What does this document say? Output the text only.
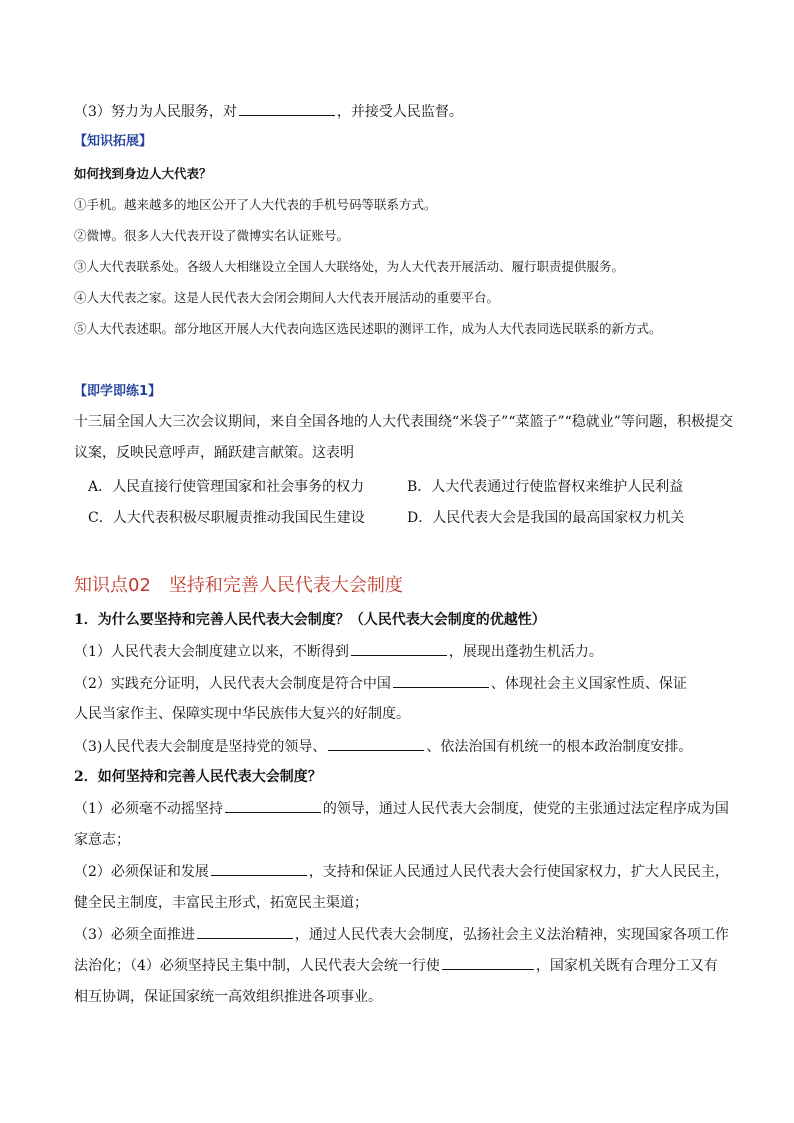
（3）努力为人民服务，对	，并接受人民监督。
【知识拓展】
如何找到身边人大代表？
①手机。越来越多的地区公开了人大代表的手机号码等联系方式。
②微博。很多人大代表开设了微博实名认证账号。
③人大代表联系处。各级人大相继设立全国人大联络处，为人大代表开展活动、履行职责提供服务。
④人大代表之家。这是人民代表大会闭会期间人大代表开展活动的重要平台。
⑤人大代表述职。部分地区开展人大代表向选区选民述职的测评工作，成为人大代表同选民联系的新方式。
【即学即练1】
十三届全国人大三次会议期间，来自全国各地的人大代表围绕“米袋子”“菜篮子”“稳就业”等问题，积极提交
议案，反映民意呼声，踊跃建言献策。这表明
A．人民直接行使管理国家和社会事务的权力	B．人大代表通过行使监督权来维护人民利益
C．人大代表积极尽职履责推动我国民生建设	D．人民代表大会是我国的最高国家权力机关
知识点02　坚持和完善人民代表大会制度
1．为什么要坚持和完善人民代表大会制度？（人民代表大会制度的优越性）
（1）人民代表大会制度建立以来，不断得到	，展现出蓬勃生机活力。
（2）实践充分证明，人民代表大会制度是符合中国	、体现社会主义国家性质、保证
人民当家作主、保障实现中华民族伟大复兴的好制度。
（3)人民代表大会制度是坚持党的领导、	、依法治国有机统一的根本政治制度安排。
2．如何坚持和完善人民代表大会制度？
（1）必须毫不动摇坚持	的领导，通过人民代表大会制度，使党的主张通过法定程序成为国
家意志；
（2）必须保证和发展	，支持和保证人民通过人民代表大会行使国家权力，扩大人民民主，
健全民主制度，丰富民主形式，拓宽民主渠道；
（3）必须全面推进	，通过人民代表大会制度，弘扬社会主义法治精神，实现国家各项工作
法治化；（4）必须坚持民主集中制，人民代表大会统一行使	，国家机关既有合理分工又有
相互协调，保证国家统一高效组织推进各项事业。
